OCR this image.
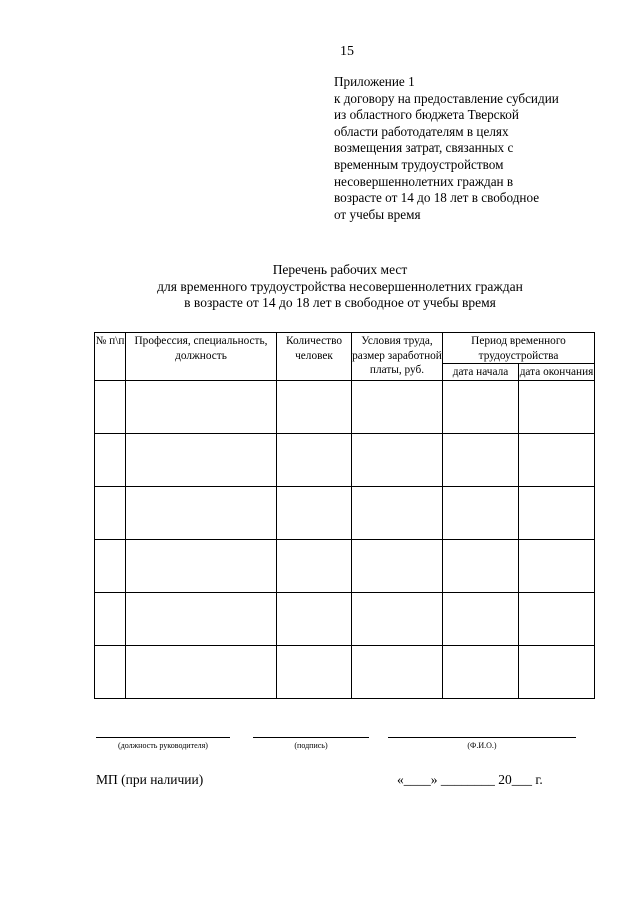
15
Приложение 1
к договору на предоставление субсидии
из областного бюджета Тверской
области работодателям в целях
возмещения затрат, связанных с
временным трудоустройством
несовершеннолетних граждан в
возрасте от 14 до 18 лет в свободное
от учебы время
Перечень рабочих мест
для временного трудоустройства несовершеннолетних граждан
в возрасте от 14 до 18 лет в свободное от учебы время
№ п\п	Профессия, специальность, должность	Количество человек	Условия труда, размер заработной платы, руб.	Период временного трудоустройства	
				дата начала	дата окончания

(должность руководителя)	(подпись)	(Ф.И.О.)
МП (при наличии)	«____» ________ 20___ г.
